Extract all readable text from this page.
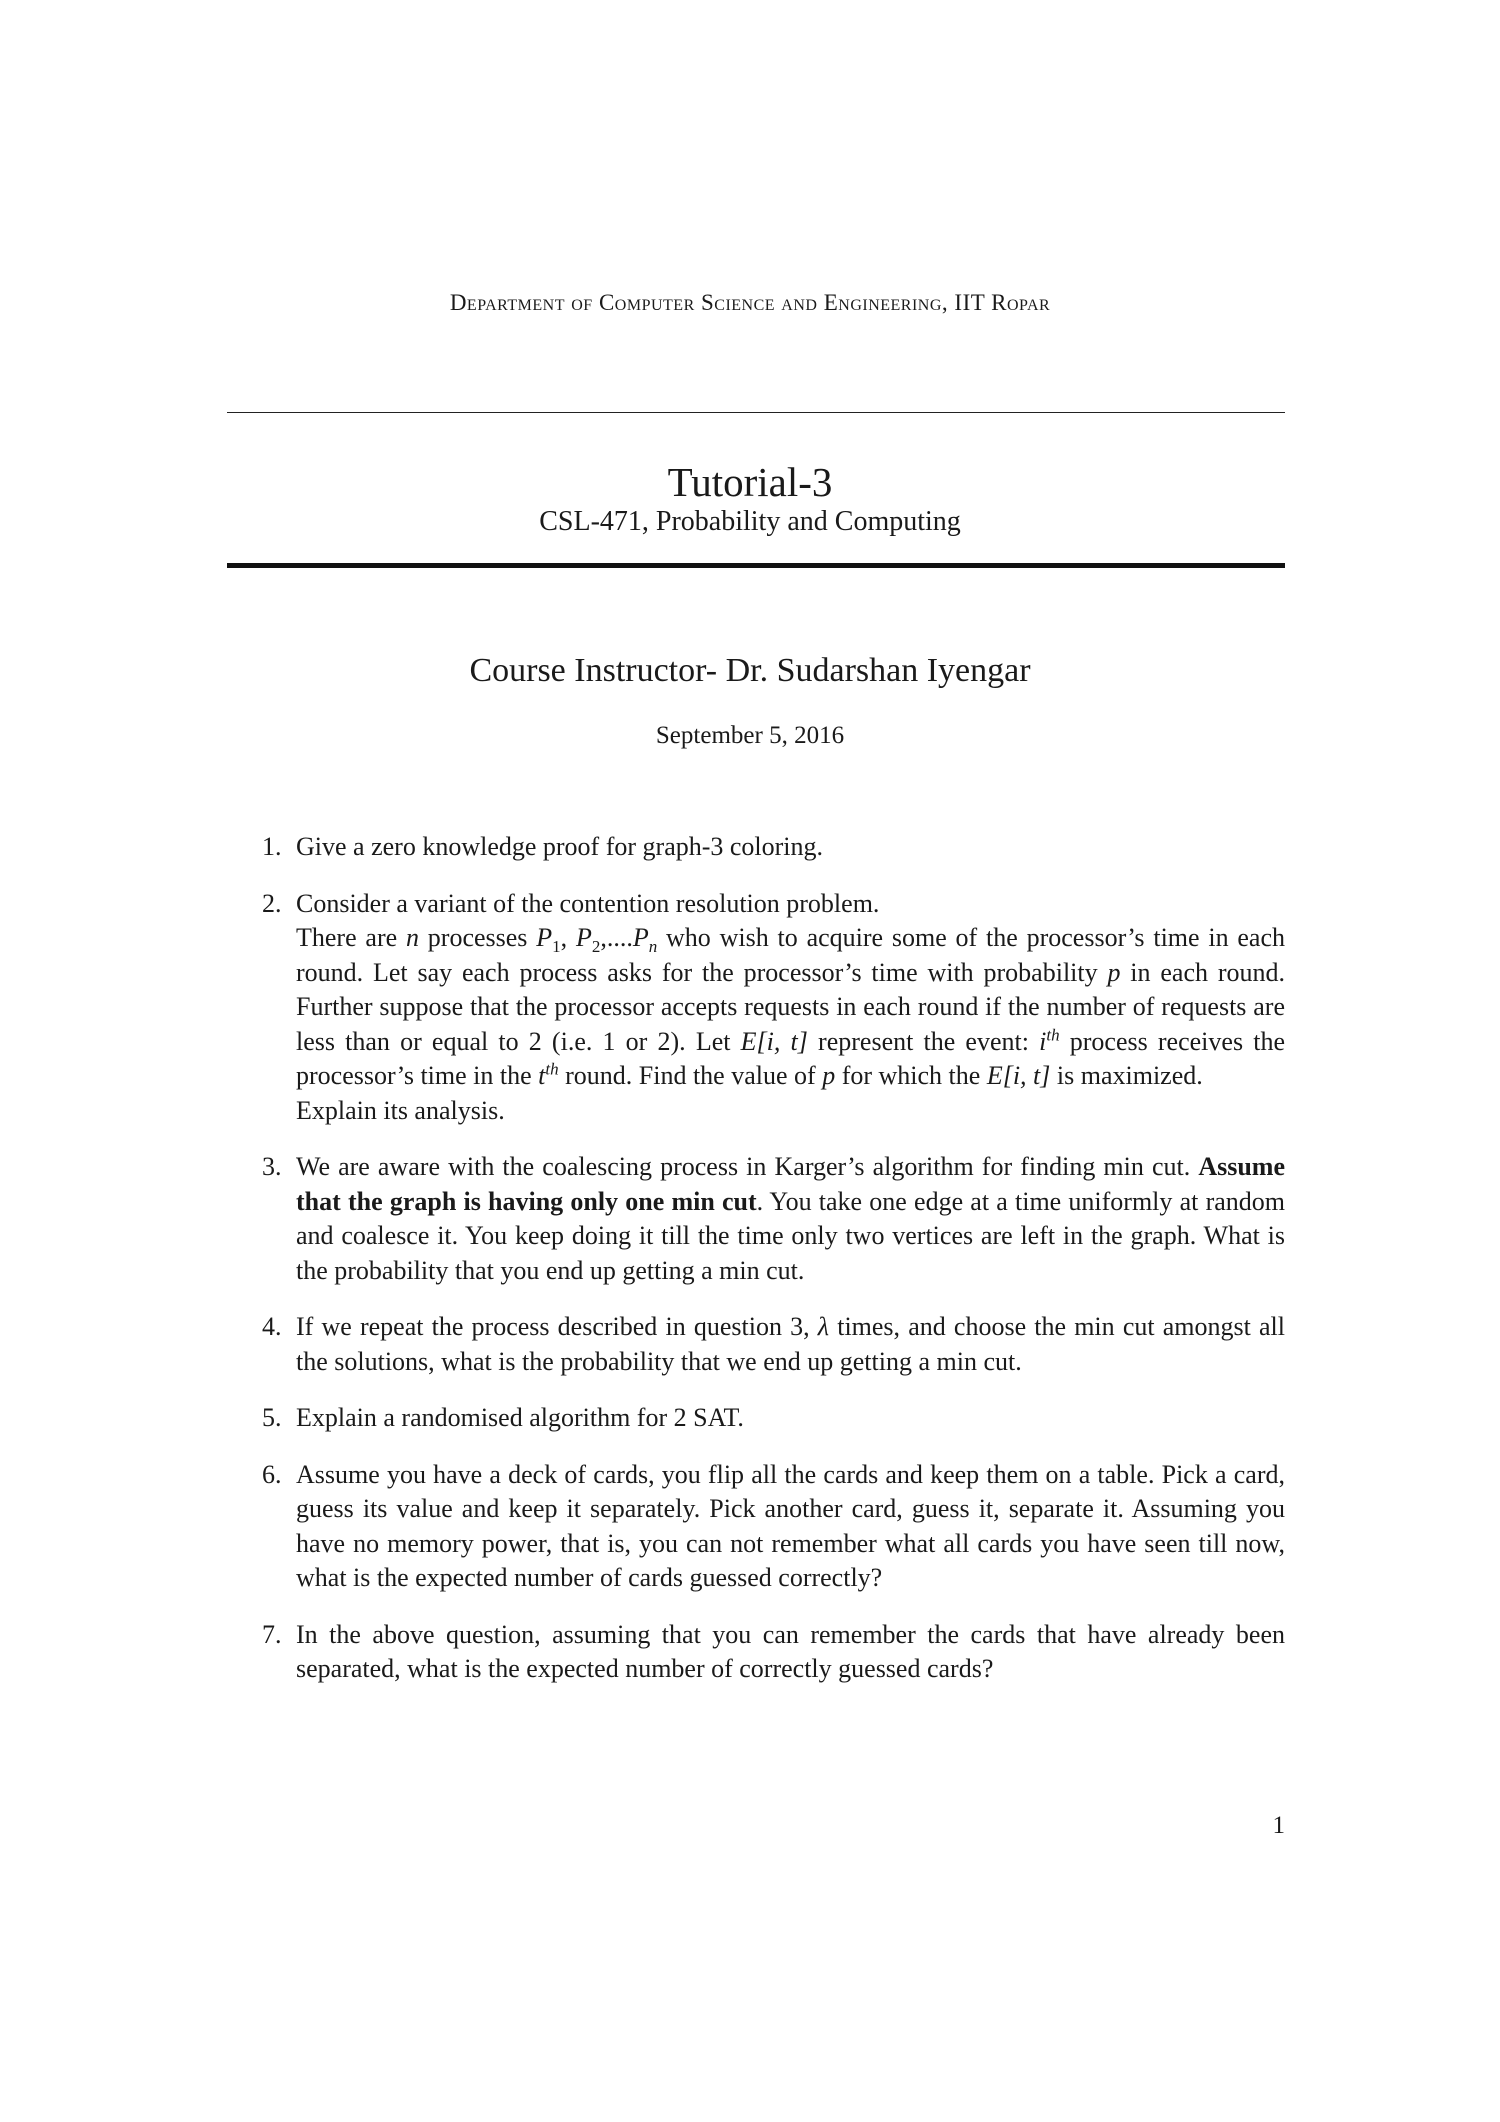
Department of Computer Science and Engineering, IIT Ropar
Tutorial-3
CSL-471, Probability and Computing
Course Instructor- Dr. Sudarshan Iyengar
September 5, 2016
1. Give a zero knowledge proof for graph-3 coloring.
2. Consider a variant of the contention resolution problem.
There are n processes $P_1$, $P_2,....P_n$ who wish to acquire some of the processor’s time in each round. Let say each process asks for the processor’s time with probability p in each round. Further suppose that the processor accepts requests in each round if the number of requests are less than or equal to 2 (i.e. 1 or 2). Let E[i, t] represent the event: $i^{th}$ process receives the processor’s time in the $t^{th}$ round. Find the value of p for which the E[i, t] is maximized.
Explain its analysis.
3. We are aware with the coalescing process in Karger’s algorithm for finding min cut. Assume that the graph is having only one min cut. You take one edge at a time uniformly at random and coalesce it. You keep doing it till the time only two vertices are left in the graph. What is the probability that you end up getting a min cut.
4. If we repeat the process described in question 3, λ times, and choose the min cut amongst all the solutions, what is the probability that we end up getting a min cut.
5. Explain a randomised algorithm for 2 SAT.
6. Assume you have a deck of cards, you flip all the cards and keep them on a table. Pick a card, guess its value and keep it separately. Pick another card, guess it, separate it. Assuming you have no memory power, that is, you can not remember what all cards you have seen till now, what is the expected number of cards guessed correctly?
7. In the above question, assuming that you can remember the cards that have already been separated, what is the expected number of correctly guessed cards?
1
